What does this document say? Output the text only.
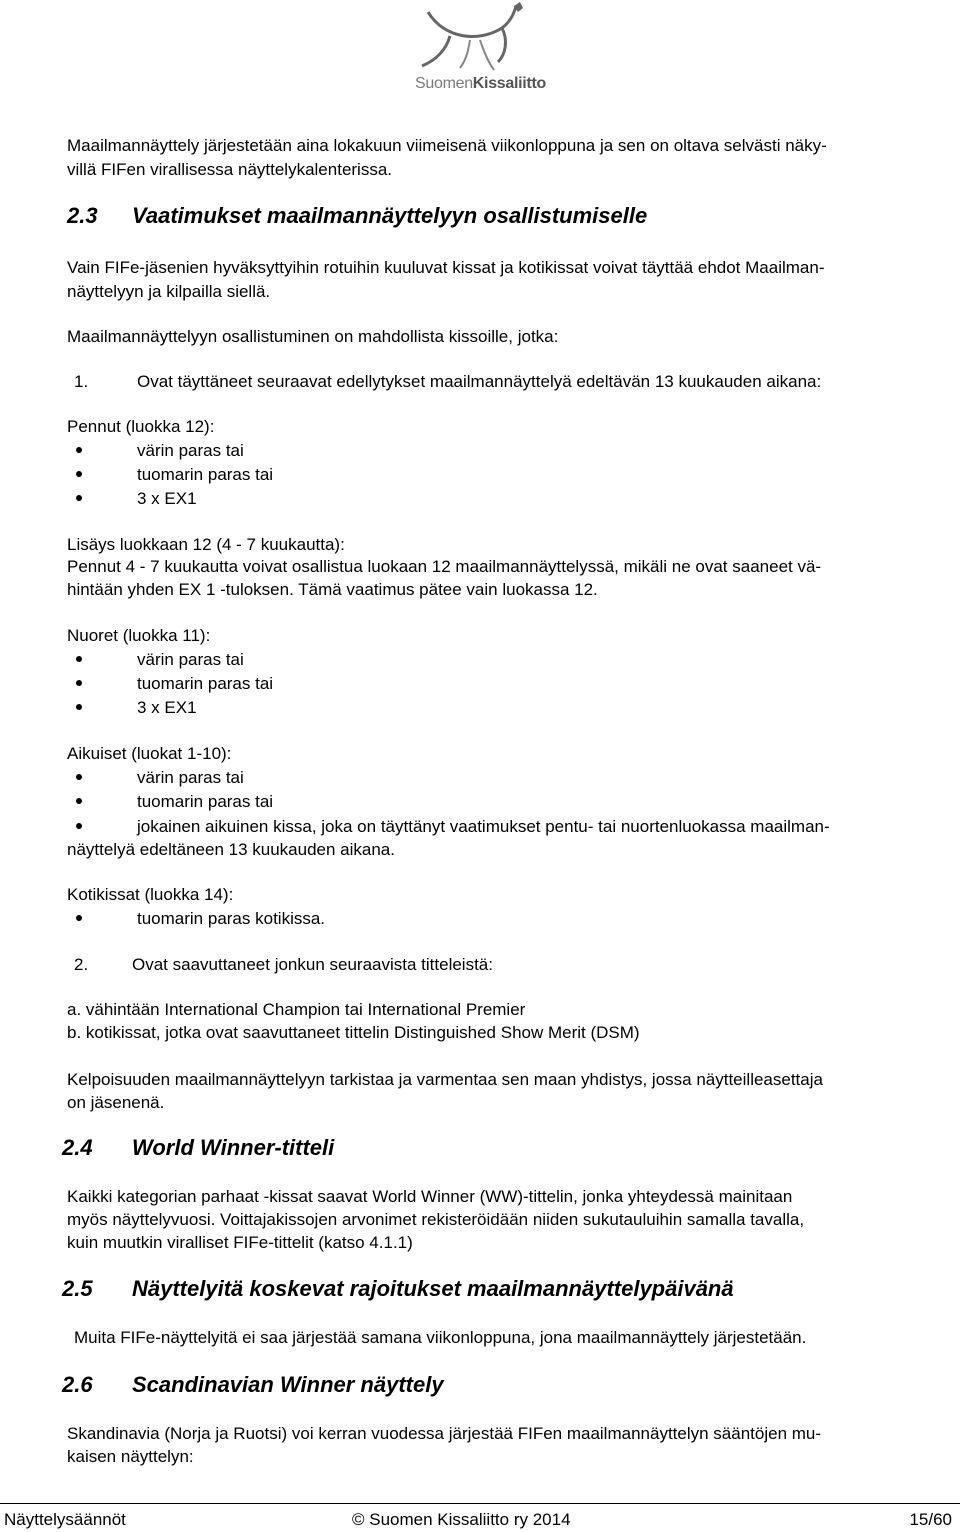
SuomenKissaliitto
Maailmannäyttely järjestetään aina lokakuun viimeisenä viikonloppuna ja sen on oltava selvästi näky-
villä FIFen virallisessa näyttelykalenterissa.
2.3 Vaatimukset maailmannäyttelyyn osallistumiselle
Vain FIFe-jäsenien hyväksyttyihin rotuihin kuuluvat kissat ja kotikissat voivat täyttää ehdot Maailman-
näyttelyyn ja kilpailla siellä.
Maailmannäyttelyyn osallistuminen on mahdollista kissoille, jotka:
1.	Ovat täyttäneet seuraavat edellytykset maailmannäyttelyä edeltävän 13 kuukauden aikana:
Pennut (luokka 12):
värin paras tai
tuomarin paras tai
3 x EX1
Lisäys luokkaan 12 (4 - 7 kuukautta):
Pennut 4 - 7 kuukautta voivat osallistua luokaan 12 maailmannäyttelyssä, mikäli ne ovat saaneet vä-
hintään yhden EX 1 -tuloksen. Tämä vaatimus pätee vain luokassa 12.
Nuoret (luokka 11):
värin paras tai
tuomarin paras tai
3 x EX1
Aikuiset (luokat 1-10):
värin paras tai
tuomarin paras tai
jokainen aikuinen kissa, joka on täyttänyt vaatimukset pentu- tai nuortenluokassa maailman-
näyttelyä edeltäneen 13 kuukauden aikana.
Kotikissat (luokka 14):
tuomarin paras kotikissa.
2.	Ovat saavuttaneet jonkun seuraavista titteleistä:
a. vähintään International Champion tai International Premier
b. kotikissat, jotka ovat saavuttaneet tittelin Distinguished Show Merit (DSM)
Kelpoisuuden maailmannäyttelyyn tarkistaa ja varmentaa sen maan yhdistys, jossa näytteilleasettaja
on jäsenenä.
2.4 World Winner-titteli
Kaikki kategorian parhaat -kissat saavat World Winner (WW)-tittelin, jonka yhteydessä mainitaan
myös näyttelyvuosi. Voittajakissojen arvonimet rekisteröidään niiden sukutauluihin samalla tavalla,
kuin muutkin viralliset FIFe-tittelit (katso 4.1.1)
2.5 Näyttelyitä koskevat rajoitukset maailmannäyttelypäivänä
Muita FIFe-näyttelyitä ei saa järjestää samana viikonloppuna, jona maailmannäyttely järjestetään.
2.6 Scandinavian Winner näyttely
Skandinavia (Norja ja Ruotsi) voi kerran vuodessa järjestää FIFen maailmannäyttelyn sääntöjen mu-
kaisen näyttelyn:
Näyttelysäännöt	© Suomen Kissaliitto ry 2014	15/60
